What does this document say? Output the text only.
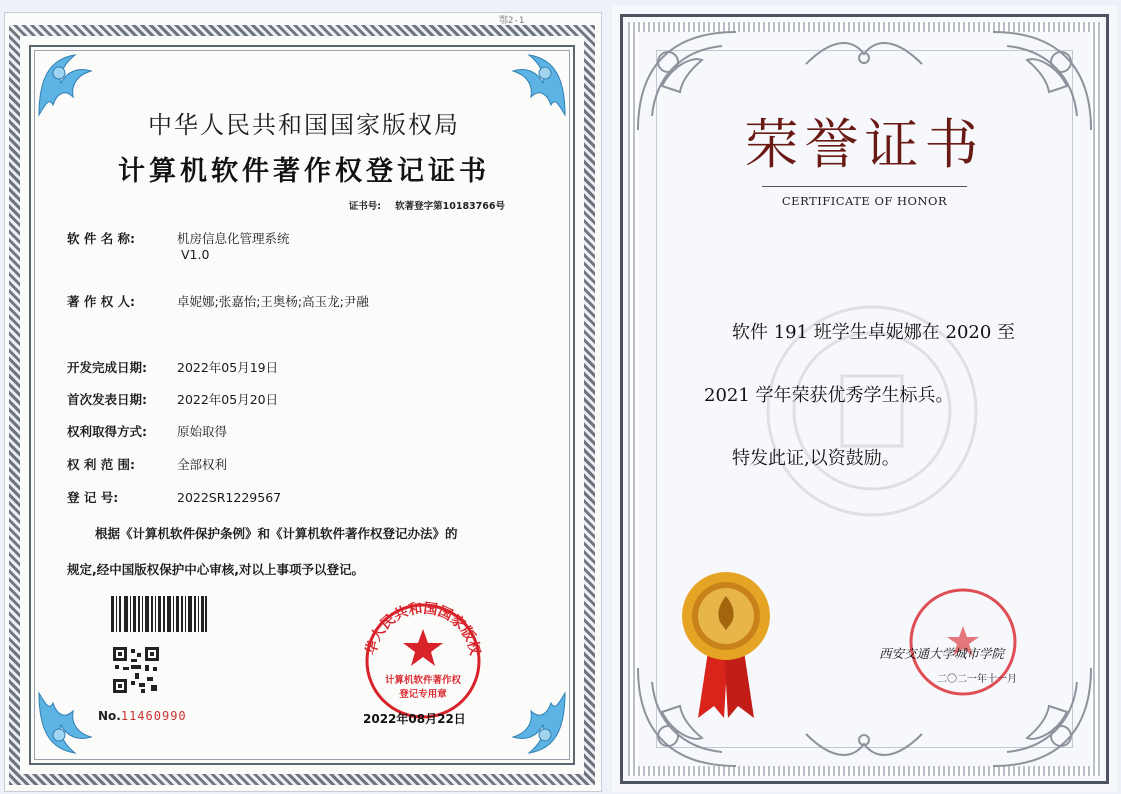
鄂2-1
中华人民共和国国家版权局
计算机软件著作权登记证书
证书号: 软著登字第10183766号
软 件 名 称:	机房信息化管理系统
V1.0
著 作 权 人:	卓妮娜;张嘉怡;王奥杨;高玉龙;尹融
开发完成日期: 2022年05月19日
首次发表日期: 2022年05月20日
权利取得方式: 原始取得
权 利 范 围:	全部权利
登 记 号:	2022SR1229567
根据《计算机软件保护条例》和《计算机软件著作权登记办法》的
规定,经中国版权保护中心审核,对以上事项予以登记。
No.11460990
华人民共和国国家版权
计算机软件著作权
登记专用章
2022年08月22日
荣誉证书
CERTIFICATE OF HONOR
软件 191 班学生卓妮娜在 2020 至
2021 学年荣获优秀学生标兵。
特发此证,以资鼓励。
西安交通大学城市学院
二〇二一年十一月
